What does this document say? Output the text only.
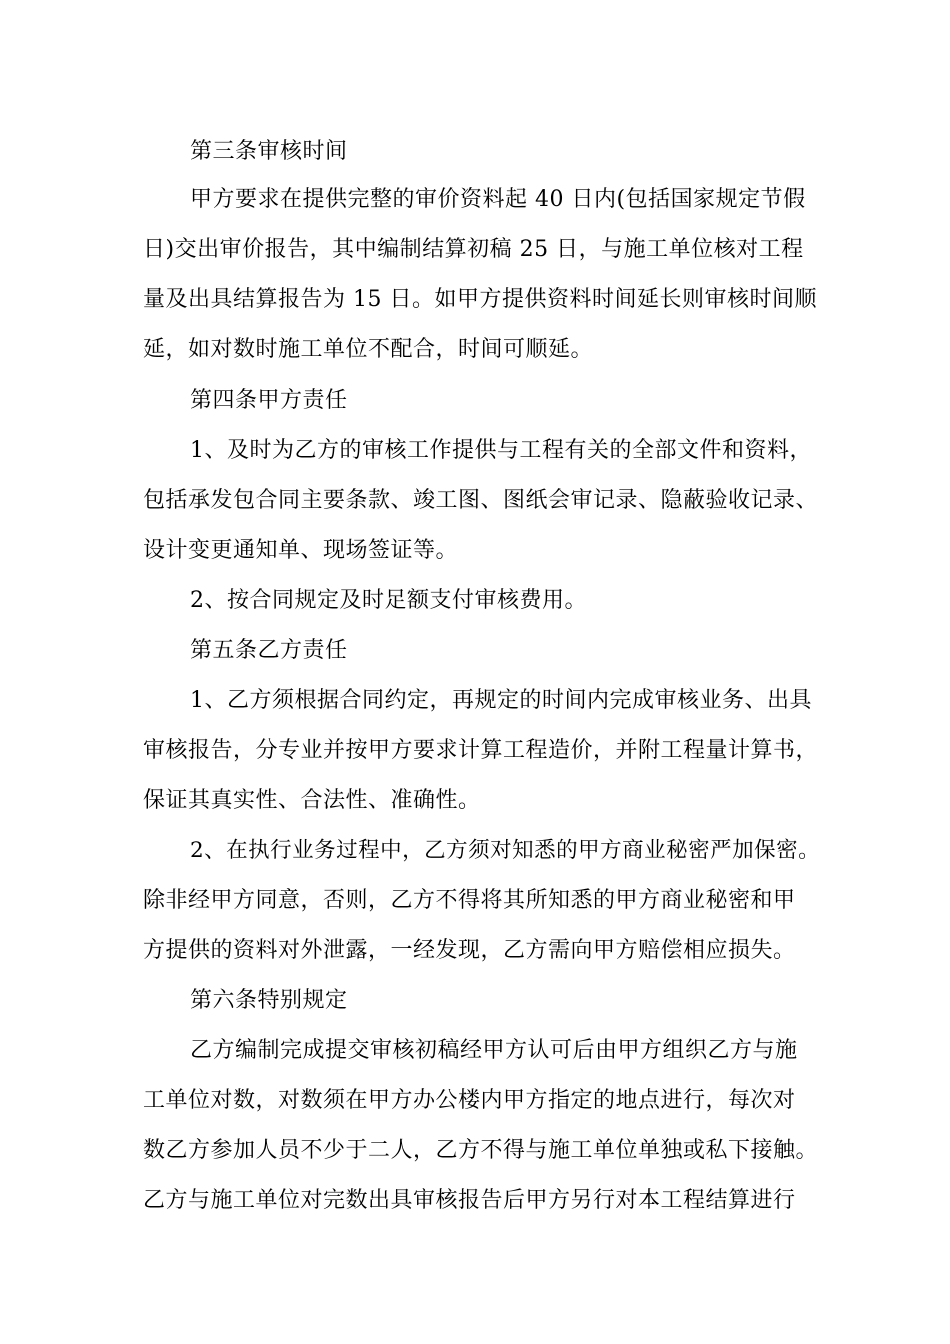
第三条审核时间
甲方要求在提供完整的审价资料起 40 日内(包括国家规定节假
日)交出审价报告，其中编制结算初稿 25 日，与施工单位核对工程
量及出具结算报告为 15 日。如甲方提供资料时间延长则审核时间顺
延，如对数时施工单位不配合，时间可顺延。
第四条甲方责任
1、及时为乙方的审核工作提供与工程有关的全部文件和资料，
包括承发包合同主要条款、竣工图、图纸会审记录、隐蔽验收记录、
设计变更通知单、现场签证等。
2、按合同规定及时足额支付审核费用。
第五条乙方责任
1、乙方须根据合同约定，再规定的时间内完成审核业务、出具
审核报告，分专业并按甲方要求计算工程造价，并附工程量计算书，
保证其真实性、合法性、准确性。
2、在执行业务过程中，乙方须对知悉的甲方商业秘密严加保密。
除非经甲方同意，否则，乙方不得将其所知悉的甲方商业秘密和甲
方提供的资料对外泄露，一经发现，乙方需向甲方赔偿相应损失。
第六条特别规定
乙方编制完成提交审核初稿经甲方认可后由甲方组织乙方与施
工单位对数，对数须在甲方办公楼内甲方指定的地点进行，每次对
数乙方参加人员不少于二人，乙方不得与施工单位单独或私下接触。
乙方与施工单位对完数出具审核报告后甲方另行对本工程结算进行
